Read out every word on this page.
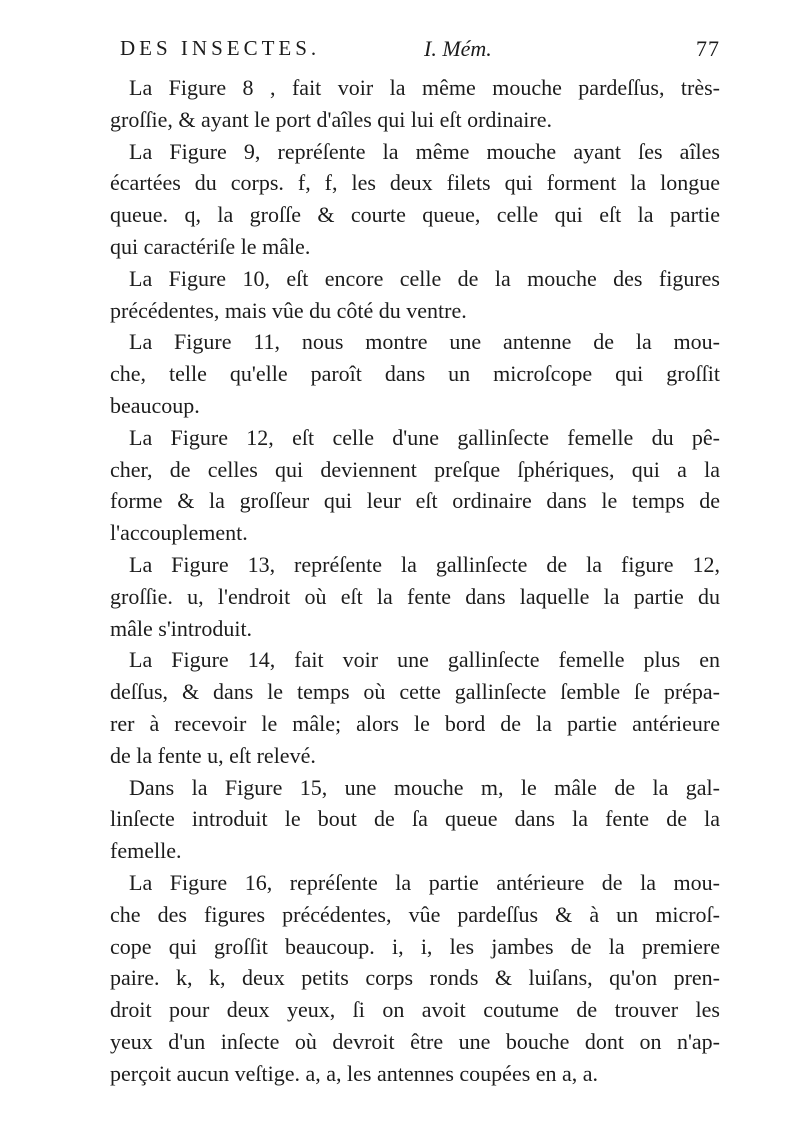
DES INSECTES.	I. Mém.	77
La Figure 8 , fait voir la même mouche pardeſſus, très-
groſſie, & ayant le port d'aîles qui lui eſt ordinaire.
La Figure 9, repréſente la même mouche ayant ſes aîles
écartées du corps. f, f, les deux filets qui forment la longue
queue. q, la groſſe & courte queue, celle qui eſt la partie
qui caractériſe le mâle.
La Figure 10, eſt encore celle de la mouche des figures
précédentes, mais vûe du côté du ventre.
La Figure 11, nous montre une antenne de la mou-
che, telle qu'elle paroît dans un microſcope qui groſſit
beaucoup.
La Figure 12, eſt celle d'une gallinſecte femelle du pê-
cher, de celles qui deviennent preſque ſphériques, qui a la
forme & la groſſeur qui leur eſt ordinaire dans le temps de
l'accouplement.
La Figure 13, repréſente la gallinſecte de la figure 12,
groſſie. u, l'endroit où eſt la fente dans laquelle la partie du
mâle s'introduit.
La Figure 14, fait voir une gallinſecte femelle plus en
deſſus, & dans le temps où cette gallinſecte ſemble ſe prépa-
rer à recevoir le mâle; alors le bord de la partie antérieure
de la fente u, eſt relevé.
Dans la Figure 15, une mouche m, le mâle de la gal-
linſecte introduit le bout de ſa queue dans la fente de la
femelle.
La Figure 16, repréſente la partie antérieure de la mou-
che des figures précédentes, vûe pardeſſus & à un microſ-
cope qui groſſit beaucoup. i, i, les jambes de la premiere
paire. k, k, deux petits corps ronds & luiſans, qu'on pren-
droit pour deux yeux, ſi on avoit coutume de trouver les
yeux d'un inſecte où devroit être une bouche dont on n'ap-
perçoit aucun veſtige. a, a, les antennes coupées en a, a.
